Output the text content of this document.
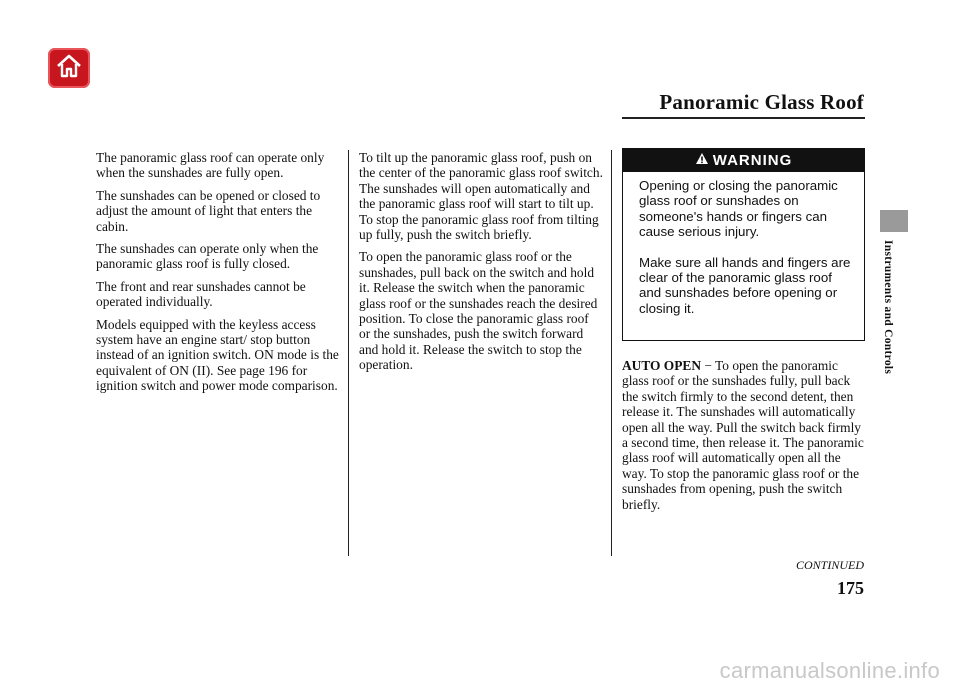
Panoramic Glass Roof

The panoramic glass roof can operate only when the sunshades are fully open.

The sunshades can be opened or closed to adjust the amount of light that enters the cabin.

The sunshades can operate only when the panoramic glass roof is fully closed.

The front and rear sunshades cannot be operated individually.

Models equipped with the keyless access system have an engine start/ stop button instead of an ignition switch. ON mode is the equivalent of ON (II). See page 196 for ignition switch and power mode comparison.

To tilt up the panoramic glass roof, push on the center of the panoramic glass roof switch. The sunshades will open automatically and the panoramic glass roof will start to tilt up. To stop the panoramic glass roof from tilting up fully, push the switch briefly.

To open the panoramic glass roof or the sunshades, pull back on the switch and hold it. Release the switch when the panoramic glass roof or the sunshades reach the desired position. To close the panoramic glass roof or the sunshades, push the switch forward and hold it. Release the switch to stop the operation.

WARNING

Opening or closing the panoramic glass roof or sunshades on someone's hands or fingers can cause serious injury.

Make sure all hands and fingers are clear of the panoramic glass roof and sunshades before opening or closing it.

AUTO OPEN − To open the panoramic glass roof or the sunshades fully, pull back the switch firmly to the second detent, then release it. The sunshades will automatically open all the way. Pull the switch back firmly a second time, then release it. The panoramic glass roof will automatically open all the way. To stop the panoramic glass roof or the sunshades from opening, push the switch briefly.
Instruments and Controls
CONTINUED
175
carmanualsonline.info
